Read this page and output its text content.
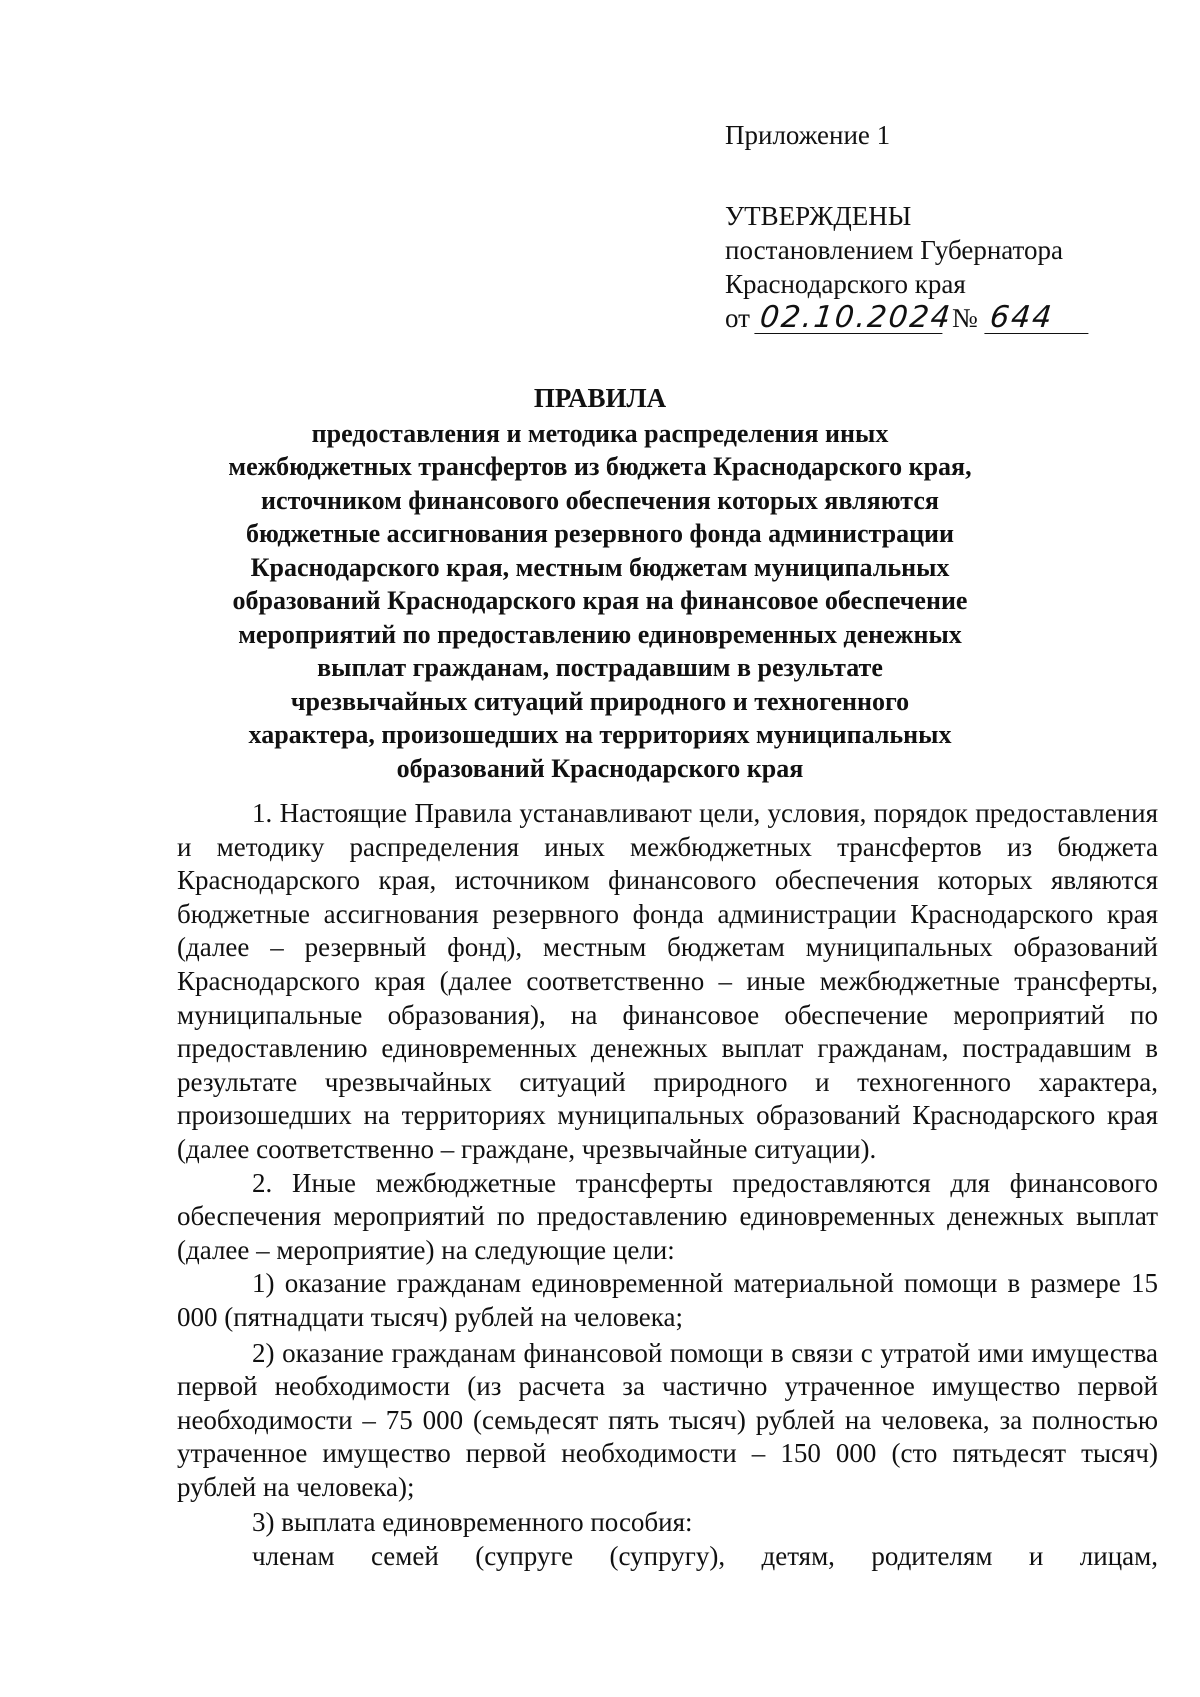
Приложение 1
УТВЕРЖДЕНЫ
постановлением Губернатора
Краснодарского края
от 02.10.2024
№ 644
ПРАВИЛА
предоставления и методика распределения иных
межбюджетных трансфертов из бюджета Краснодарского края,
источником финансового обеспечения которых являются
бюджетные ассигнования резервного фонда администрации
Краснодарского края, местным бюджетам муниципальных
образований Краснодарского края на финансовое обеспечение
мероприятий по предоставлению единовременных денежных
выплат гражданам, пострадавшим в результате
чрезвычайных ситуаций природного и техногенного
характера, произошедших на территориях муниципальных
образований Краснодарского края

1. Настоящие Правила устанавливают цели, условия, порядок предоставления и методику распределения иных межбюджетных трансфертов из бюджета Краснодарского края, источником финансового обеспечения которых являются бюджетные ассигнования резервного фонда администрации Краснодарского края (далее – резервный фонд), местным бюджетам муниципальных образований Краснодарского края (далее соответственно – иные межбюджетные трансферты, муниципальные образования), на финансовое обеспечение мероприятий по предоставлению единовременных денежных выплат гражданам, пострадавшим в результате чрезвычайных ситуаций природного и техногенного характера, произошедших на территориях муниципальных образований Краснодарского края (далее соответственно – граждане, чрезвычайные ситуации).

2. Иные межбюджетные трансферты предоставляются для финансового обеспечения мероприятий по предоставлению единовременных денежных выплат (далее – мероприятие) на следующие цели:

1) оказание гражданам единовременной материальной помощи в размере 15 000 (пятнадцати тысяч) рублей на человека;

2) оказание гражданам финансовой помощи в связи с утратой ими имущества первой необходимости (из расчета за частично утраченное имущество первой необходимости – 75 000 (семьдесят пять тысяч) рублей на человека, за полностью утраченное имущество первой необходимости – 150 000 (сто пятьдесят тысяч) рублей на человека);

3) выплата единовременного пособия:

членам семей (супруге (супругу), детям, родителям и лицам,
